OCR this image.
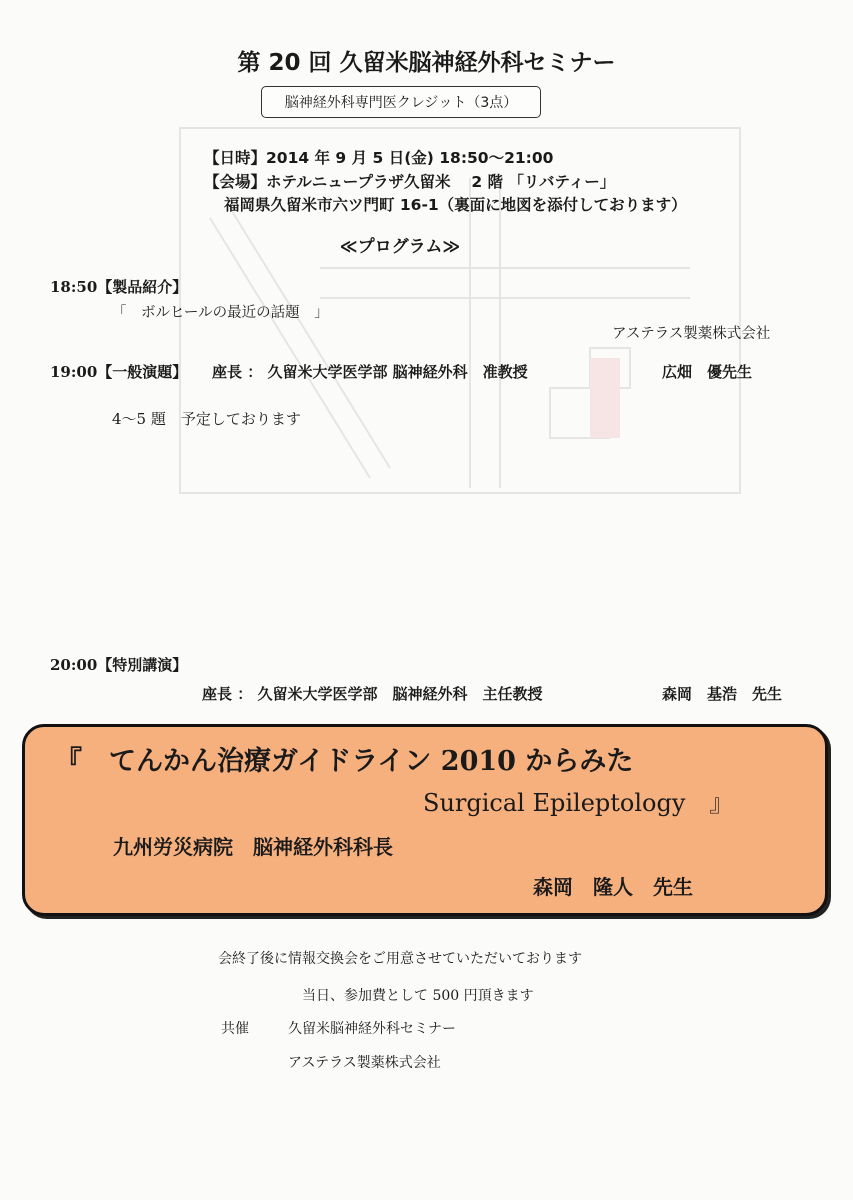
第 20 回 久留米脳神経外科セミナー
脳神経外科専門医クレジット（3点）
【日時】2014 年 9 月 5 日(金) 18:50〜21:00
【会場】ホテルニュープラザ久留米　 2 階 「リバティー」
福岡県久留米市六ツ門町 16-1（裏面に地図を添付しております）
≪プログラム≫
18:50【製品紹介】
「　ボルヒールの最近の話題　」
アステラス製薬株式会社
19:00【一般演題】 座長 ： 久留米大学医学部 脳神経外科　准教授	広畑　優先生
4～5 題　予定しております
20:00【特別講演】
座長 ： 久留米大学医学部　脳神経外科　主任教授	森岡　基浩　先生
『　てんかん治療ガイドライン 2010 からみた
Surgical Epileptology　』
九州労災病院　脳神経外科科長
森岡　隆人　先生
会終了後に情報交換会をご用意させていただいております
当日、参加費として 500 円頂きます
共催	久留米脳神経外科セミナー
アステラス製薬株式会社
